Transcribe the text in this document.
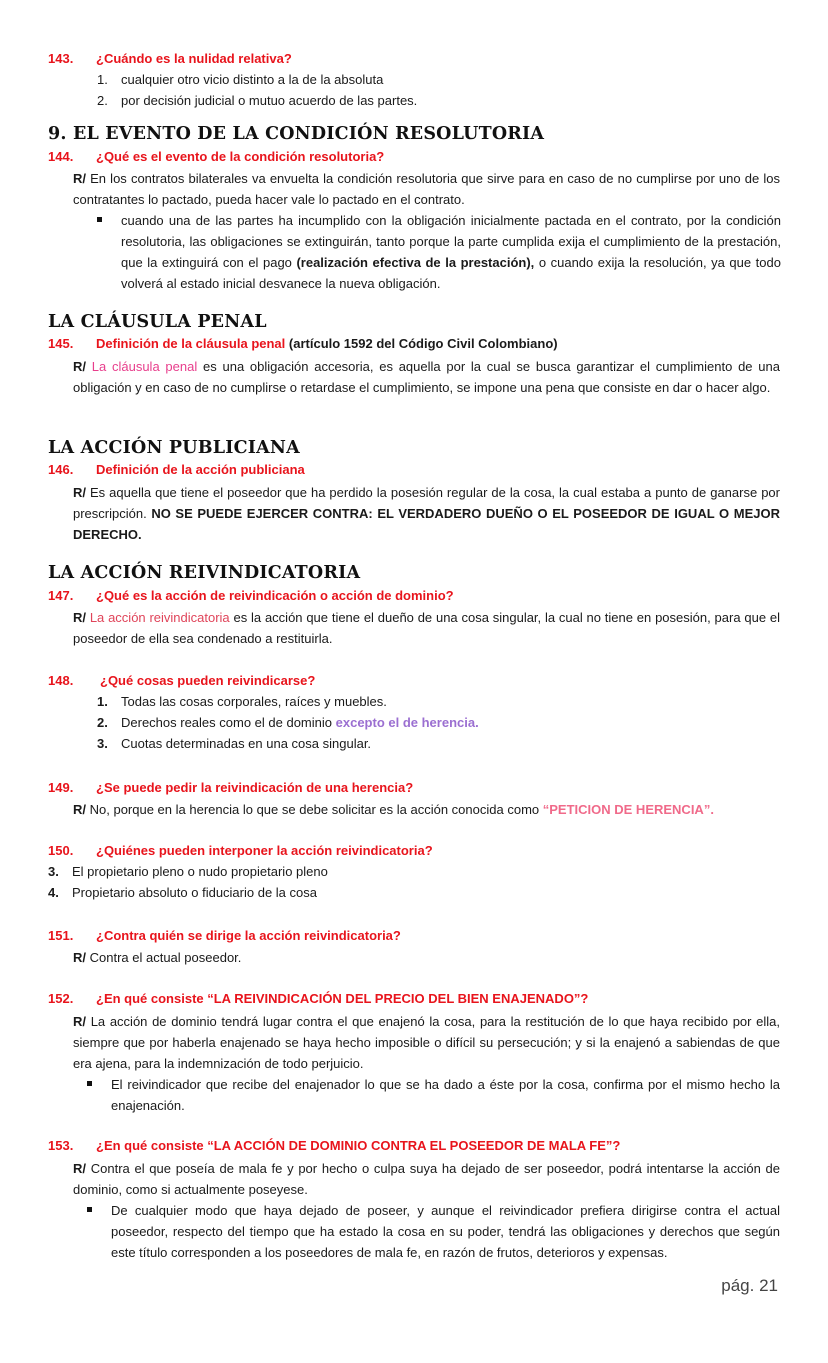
143. ¿Cuándo es la nulidad relativa?
1. cualquier otro vicio distinto a la de la absoluta
2. por decisión judicial o mutuo acuerdo de las partes.
9. EL EVENTO DE LA CONDICIÓN RESOLUTORIA
144. ¿Qué es el evento de la condición resolutoria?
R/ En los contratos bilaterales va envuelta la condición resolutoria que sirve para en caso de no cumplirse por uno de los contratantes lo pactado, pueda hacer vale lo pactado en el contrato.
cuando una de las partes ha incumplido con la obligación inicialmente pactada en el contrato, por la condición resolutoria, las obligaciones se extinguirán, tanto porque la parte cumplida exija el cumplimiento de la prestación, que la extinguirá con el pago (realización efectiva de la prestación), o cuando exija la resolución, ya que todo volverá al estado inicial desvanece la nueva obligación.
LA CLÁUSULA PENAL
145. Definición de la cláusula penal (artículo 1592 del Código Civil Colombiano)
R/ La cláusula penal es una obligación accesoria, es aquella por la cual se busca garantizar el cumplimiento de una obligación y en caso de no cumplirse o retardase el cumplimiento, se impone una pena que consiste en dar o hacer algo.
LA ACCIÓN PUBLICIANA
146. Definición de la acción publiciana
R/ Es aquella que tiene el poseedor que ha perdido la posesión regular de la cosa, la cual estaba a punto de ganarse por prescripción. NO SE PUEDE EJERCER CONTRA: EL VERDADERO DUEÑO O EL POSEEDOR DE IGUAL O MEJOR DERECHO.
LA ACCIÓN REIVINDICATORIA
147. ¿Qué es la acción de reivindicación o acción de dominio?
R/ La acción reivindicatoria es la acción que tiene el dueño de una cosa singular, la cual no tiene en posesión, para que el poseedor de ella sea condenado a restituirla.
148. ¿Qué cosas pueden reivindicarse?
1. Todas las cosas corporales, raíces y muebles.
2. Derechos reales como el de dominio excepto el de herencia.
3. Cuotas determinadas en una cosa singular.
149. ¿Se puede pedir la reivindicación de una herencia?
R/ No, porque en la herencia lo que se debe solicitar es la acción conocida como “PETICION DE HERENCIA”.
150. ¿Quiénes pueden interponer la acción reivindicatoria?
3. El propietario pleno o nudo propietario pleno
4. Propietario absoluto o fiduciario de la cosa
151. ¿Contra quién se dirige la acción reivindicatoria?
R/ Contra el actual poseedor.
152. ¿En qué consiste “LA REIVINDICACIÓN DEL PRECIO DEL BIEN ENAJENADO”?
R/ La acción de dominio tendrá lugar contra el que enajenó la cosa, para la restitución de lo que haya recibido por ella, siempre que por haberla enajenado se haya hecho imposible o difícil su persecución; y si la enajenó a sabiendas de que era ajena, para la indemnización de todo perjuicio.
El reivindicador que recibe del enajenador lo que se ha dado a éste por la cosa, confirma por el mismo hecho la enajenación.
153. ¿En qué consiste “LA ACCIÓN DE DOMINIO CONTRA EL POSEEDOR DE MALA FE”?
R/ Contra el que poseía de mala fe y por hecho o culpa suya ha dejado de ser poseedor, podrá intentarse la acción de dominio, como si actualmente poseyese.
De cualquier modo que haya dejado de poseer, y aunque el reivindicador prefiera dirigirse contra el actual poseedor, respecto del tiempo que ha estado la cosa en su poder, tendrá las obligaciones y derechos que según este título corresponden a los poseedores de mala fe, en razón de frutos, deterioros y expensas.
pág. 21
